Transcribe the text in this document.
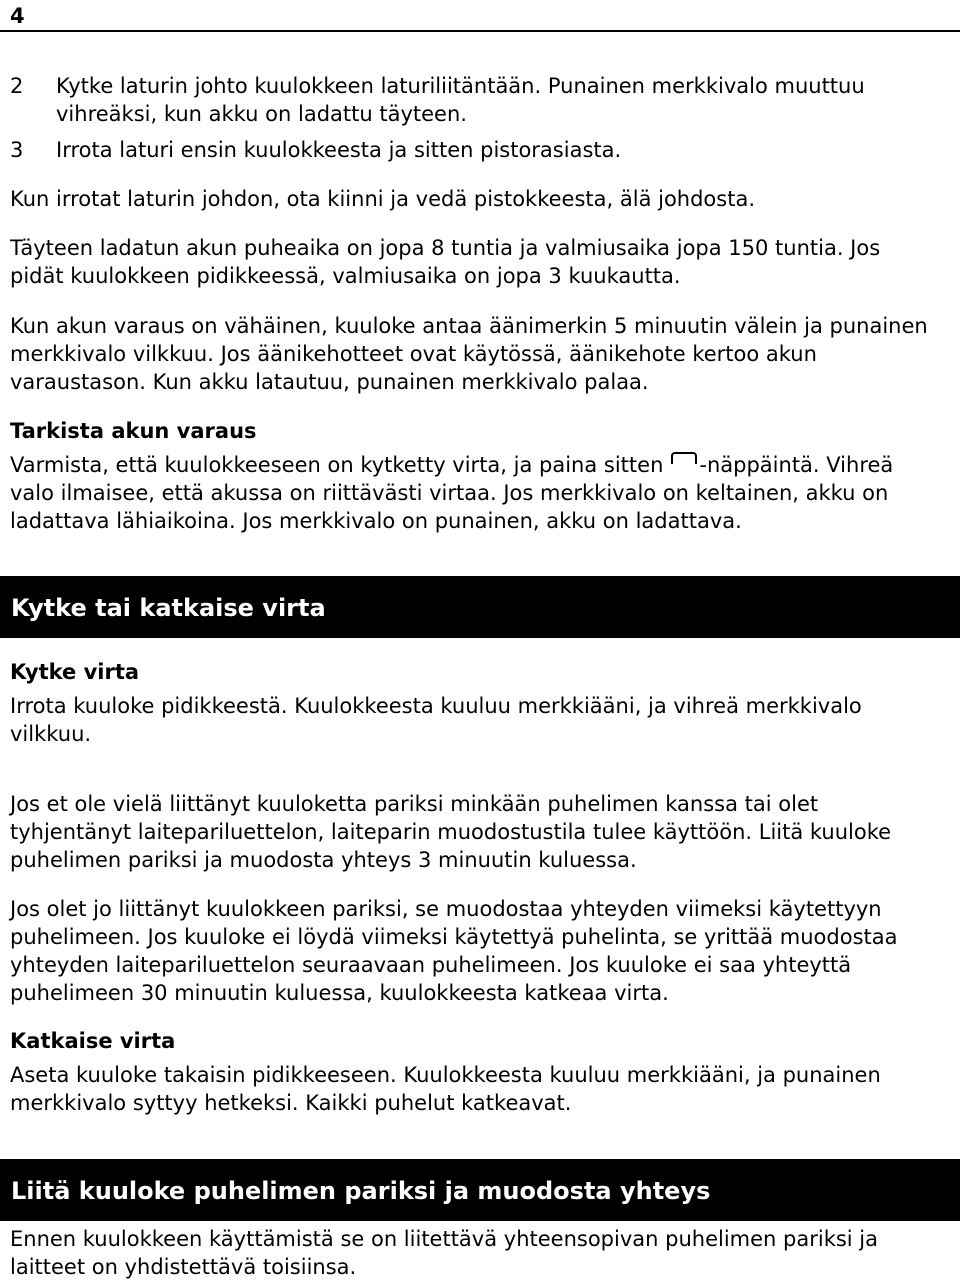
4
2 Kytke laturin johto kuulokkeen laturiliitäntään. Punainen merkkivalo muuttuu
vihreäksi, kun akku on ladattu täyteen.
3 Irrota laturi ensin kuulokkeesta ja sitten pistorasiasta.
Kun irrotat laturin johdon, ota kiinni ja vedä pistokkeesta, älä johdosta.
Täyteen ladatun akun puheaika on jopa 8 tuntia ja valmiusaika jopa 150 tuntia. Jos
pidät kuulokkeen pidikkeessä, valmiusaika on jopa 3 kuukautta.
Kun akun varaus on vähäinen, kuuloke antaa äänimerkin 5 minuutin välein ja punainen
merkkivalo vilkkuu. Jos äänikehotteet ovat käytössä, äänikehote kertoo akun
varaustason. Kun akku latautuu, punainen merkkivalo palaa.
Tarkista akun varaus
Varmista, että kuulokkeeseen on kytketty virta, ja paina sitten -näppäintä. Vihreä
valo ilmaisee, että akussa on riittävästi virtaa. Jos merkkivalo on keltainen, akku on
ladattava lähiaikoina. Jos merkkivalo on punainen, akku on ladattava.
Kytke tai katkaise virta
Kytke virta
Irrota kuuloke pidikkeestä. Kuulokkeesta kuuluu merkkiääni, ja vihreä merkkivalo
vilkkuu.
Jos et ole vielä liittänyt kuuloketta pariksi minkään puhelimen kanssa tai olet
tyhjentänyt laitepariluettelon, laiteparin muodostustila tulee käyttöön. Liitä kuuloke
puhelimen pariksi ja muodosta yhteys 3 minuutin kuluessa.
Jos olet jo liittänyt kuulokkeen pariksi, se muodostaa yhteyden viimeksi käytettyyn
puhelimeen. Jos kuuloke ei löydä viimeksi käytettyä puhelinta, se yrittää muodostaa
yhteyden laitepariluettelon seuraavaan puhelimeen. Jos kuuloke ei saa yhteyttä
puhelimeen 30 minuutin kuluessa, kuulokkeesta katkeaa virta.
Katkaise virta
Aseta kuuloke takaisin pidikkeeseen. Kuulokkeesta kuuluu merkkiääni, ja punainen
merkkivalo syttyy hetkeksi. Kaikki puhelut katkeavat.
Liitä kuuloke puhelimen pariksi ja muodosta yhteys
Ennen kuulokkeen käyttämistä se on liitettävä yhteensopivan puhelimen pariksi ja
laitteet on yhdistettävä toisiinsa.
